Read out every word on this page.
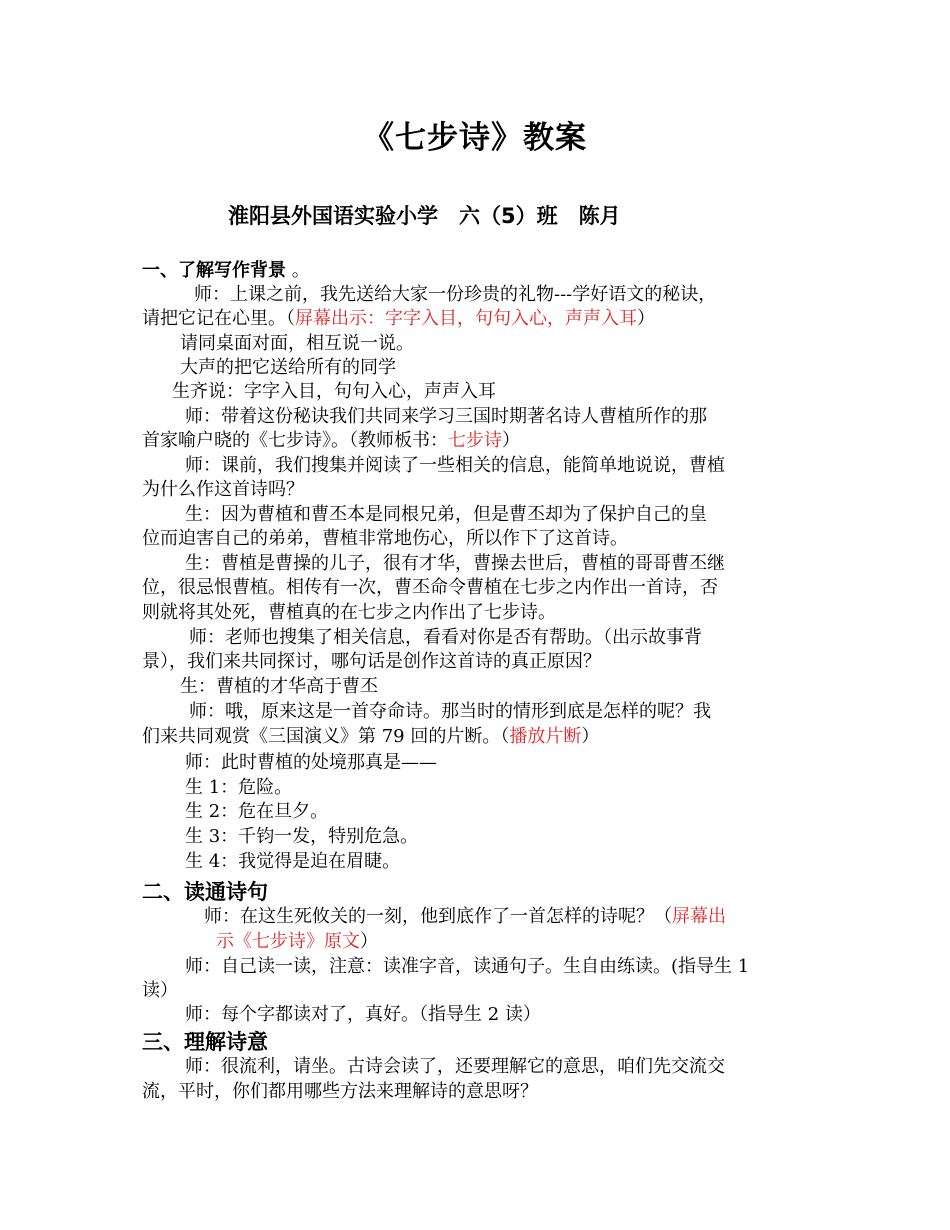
《七步诗》教案
淮阳县外国语实验小学　六（5）班　陈月
一、了解写作背景 。
师：上课之前，我先送给大家一份珍贵的礼物---学好语文的秘诀，
请把它记在心里。（屏幕出示：字字入目，句句入心，声声入耳）
请同桌面对面，相互说一说。
大声的把它送给所有的同学
生齐说：字字入目，句句入心，声声入耳
师：带着这份秘诀我们共同来学习三国时期著名诗人曹植所作的那
首家喻户晓的《七步诗》。（教师板书：七步诗）
师：课前，我们搜集并阅读了一些相关的信息，能简单地说说，曹植
为什么作这首诗吗？
生：因为曹植和曹丕本是同根兄弟，但是曹丕却为了保护自己的皇
位而迫害自己的弟弟，曹植非常地伤心，所以作下了这首诗。
生：曹植是曹操的儿子，很有才华，曹操去世后，曹植的哥哥曹丕继
位，很忌恨曹植。相传有一次，曹丕命令曹植在七步之内作出一首诗，否
则就将其处死，曹植真的在七步之内作出了七步诗。
师：老师也搜集了相关信息，看看对你是否有帮助。（出示故事背
景），我们来共同探讨，哪句话是创作这首诗的真正原因？
生：曹植的才华高于曹丕
师：哦，原来这是一首夺命诗。那当时的情形到底是怎样的呢？我
们来共同观赏《三国演义》第 79 回的片断。（播放片断）
师：此时曹植的处境那真是——
生 1：危险。
生 2：危在旦夕。
生 3：千钧一发，特别危急。
生 4：我觉得是迫在眉睫。
二、读通诗句
师：在这生死攸关的一刻，他到底作了一首怎样的诗呢？（屏幕出
示《七步诗》原文）
师：自己读一读，注意：读准字音，读通句子。生自由练读。(指导生 1
读）
师：每个字都读对了，真好。（指导生 2 读）
三、理解诗意
师：很流利，请坐。古诗会读了，还要理解它的意思，咱们先交流交
流，平时，你们都用哪些方法来理解诗的意思呀？
